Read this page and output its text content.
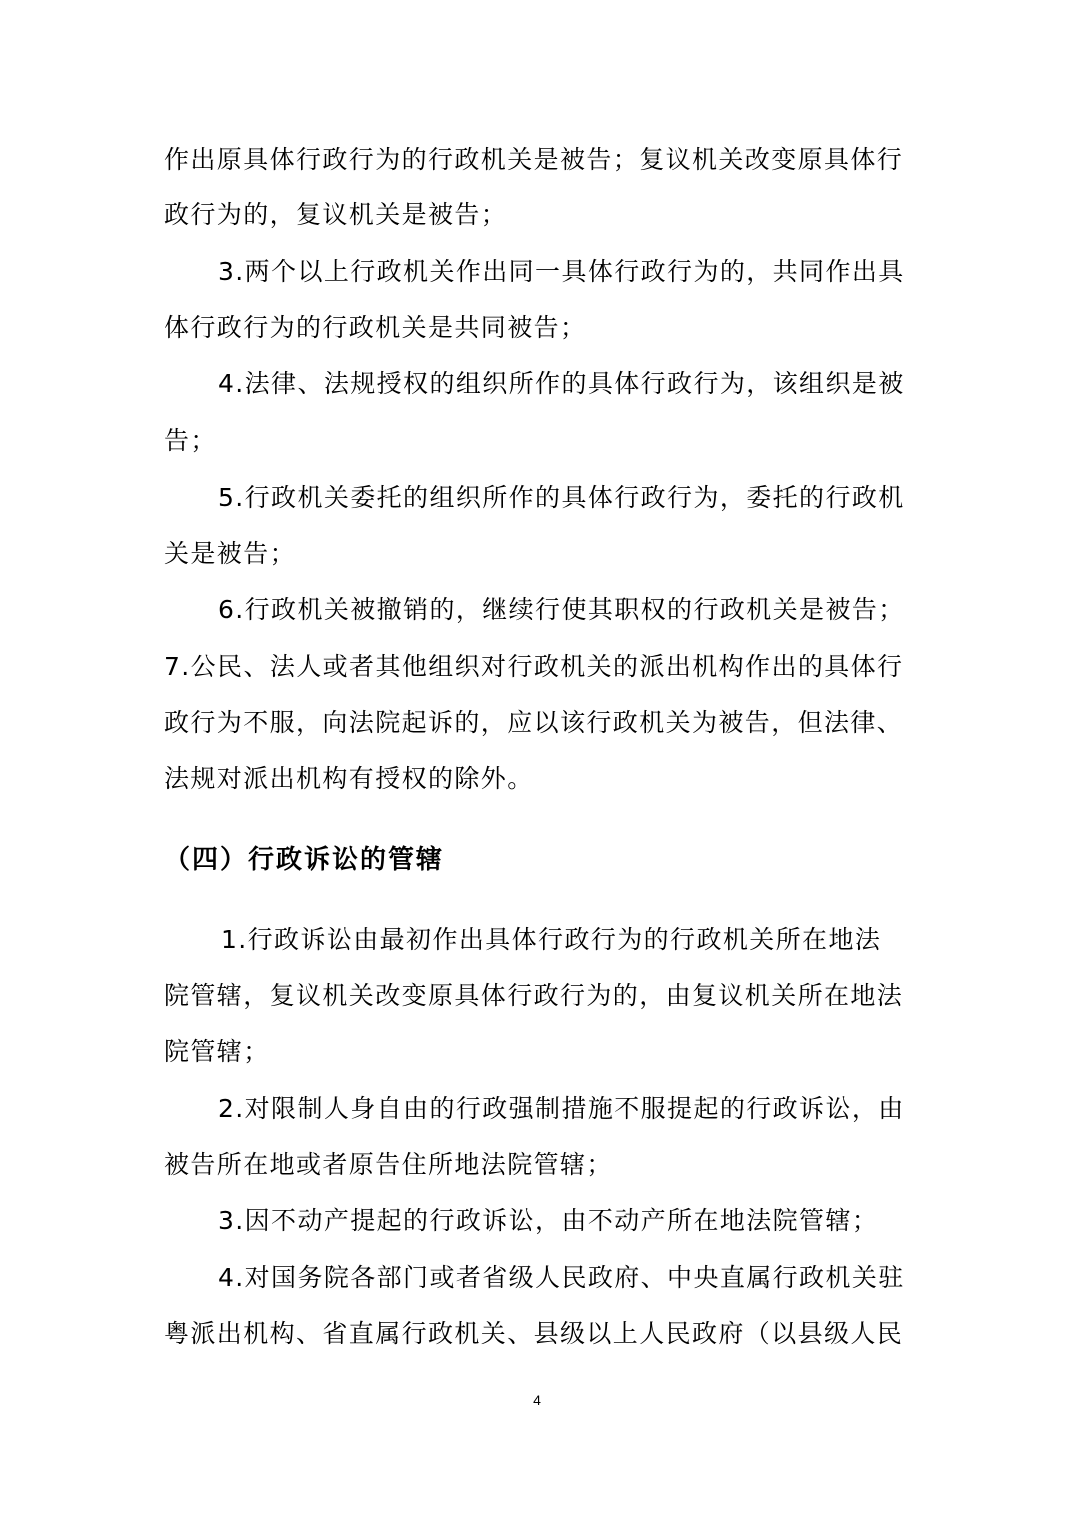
作出原具体行政行为的行政机关是被告；复议机关改变原具体行
政行为的，复议机关是被告；
3.两个以上行政机关作出同一具体行政行为的，共同作出具
体行政行为的行政机关是共同被告；
4.法律、法规授权的组织所作的具体行政行为，该组织是被
告；
5.行政机关委托的组织所作的具体行政行为，委托的行政机
关是被告；
6.行政机关被撤销的，继续行使其职权的行政机关是被告；
7.公民、法人或者其他组织对行政机关的派出机构作出的具体行
政行为不服，向法院起诉的，应以该行政机关为被告，但法律、
法规对派出机构有授权的除外。
（四）行政诉讼的管辖
1.行政诉讼由最初作出具体行政行为的行政机关所在地法
院管辖，复议机关改变原具体行政行为的，由复议机关所在地法
院管辖；
2.对限制人身自由的行政强制措施不服提起的行政诉讼，由
被告所在地或者原告住所地法院管辖；
3.因不动产提起的行政诉讼，由不动产所在地法院管辖；
4.对国务院各部门或者省级人民政府、中央直属行政机关驻
粤派出机构、省直属行政机关、县级以上人民政府（以县级人民
4
